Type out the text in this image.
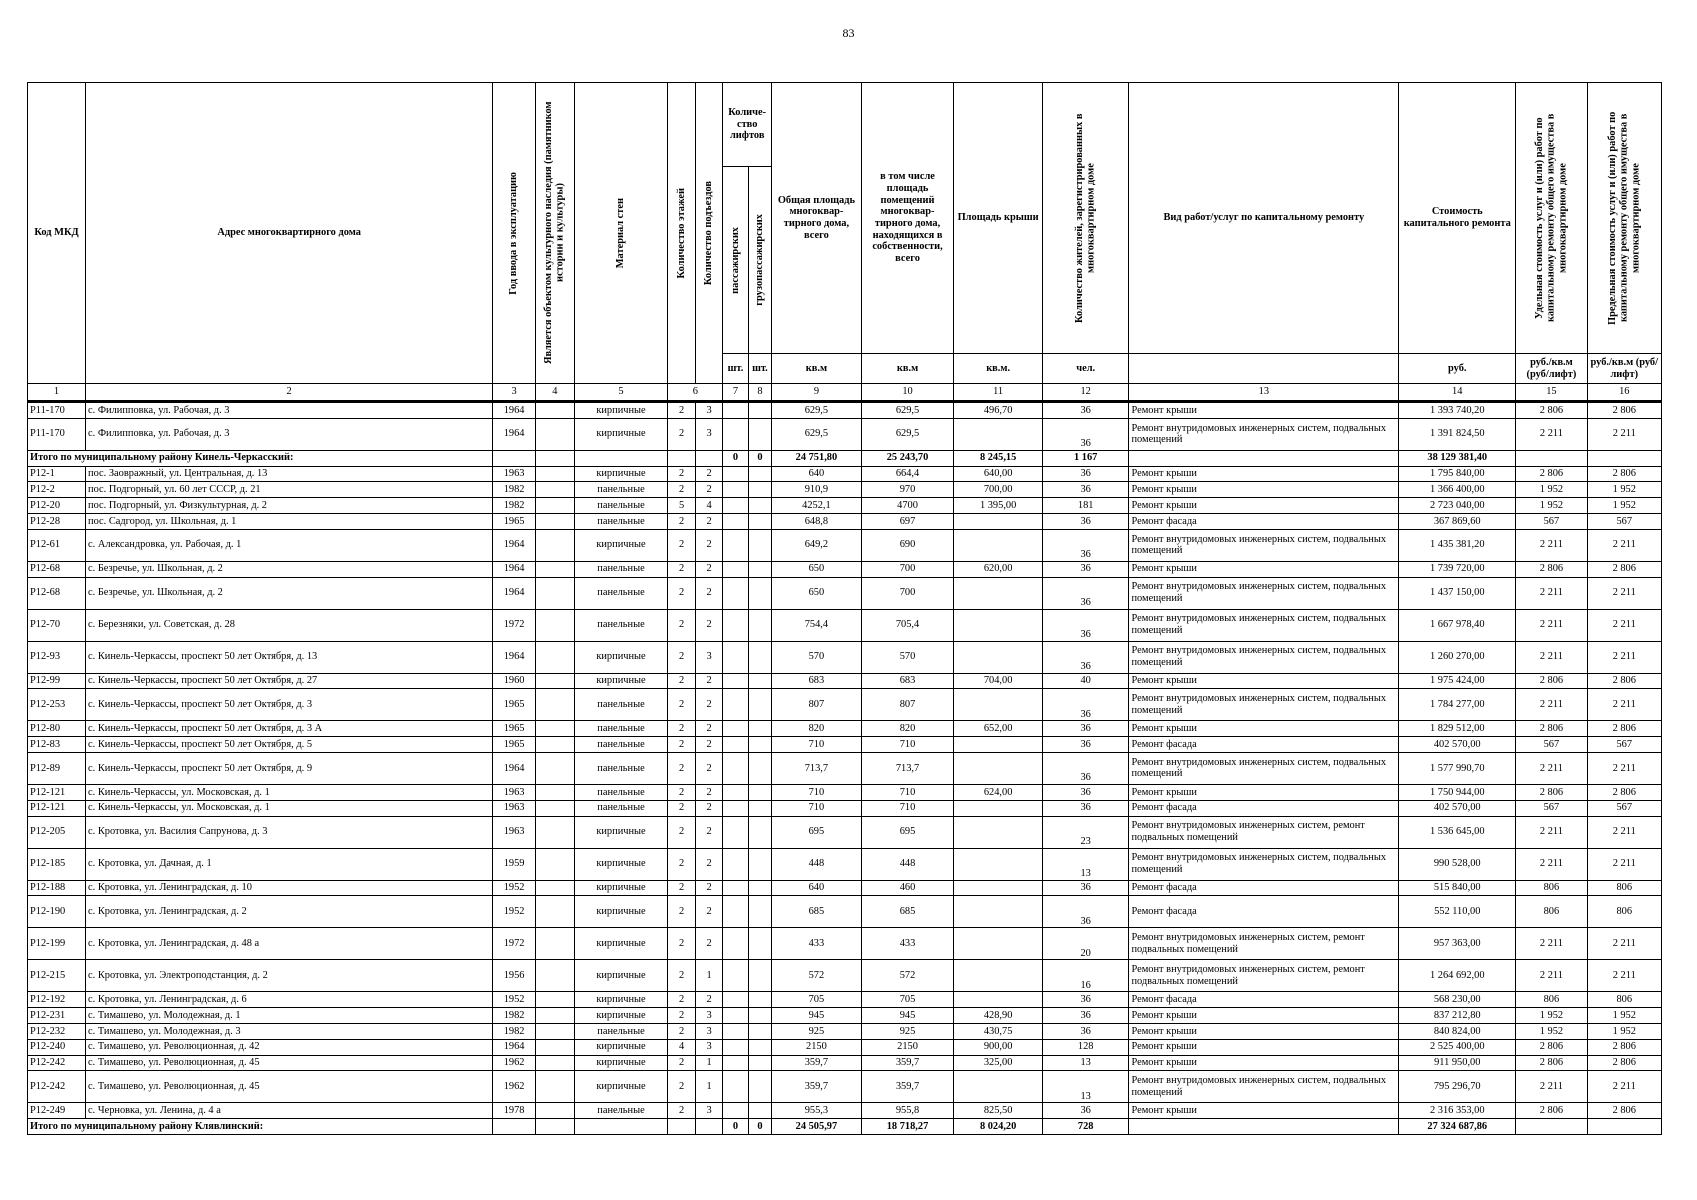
83
Код МКД	Адрес многоквартирного дома	Год ввода в эксплуатацию	Является объектом культурного наследия (памятником истории и культуры)	Материал стен	Количество этажей	Количество подъездов	Количе-ство лифтов		Общая площадь многоквар-тирного дома, всего	в том числе площадь помещений многоквар-тирного дома, находящихся в собственности, всего	Площадь крыши	Количество жителей, зарегистрированных в многоквартирном доме	Вид работ/услуг по капитальному ремонту	Стоимость капитального ремонта	Удельная стоимость услуг и (или) работ по капитальному ремонту общего имущества в многоквартирном доме	Предельная стоимость услуг и (или) работ по капитальному ремонту общего имущества в многоквартирном доме

							пассажирских	грузопассажирских								

							шт.	шт.	кв.м	кв.м	кв.м.	чел.		руб.	руб./кв.м (руб/лифт)	руб./кв.м (руб/лифт)
1	2	3	4	5	6		7	8	9	10	11	12	13	14	15	16
Р11-170	с. Филипповка, ул. Рабочая, д. 3	1964		кирпичные	2	3			629,5	629,5	496,70	36	Ремонт крыши	1 393 740,20	2 806	2 806
Р11-170	с. Филипповка, ул. Рабочая, д. 3	1964		кирпичные	2	3			629,5	629,5		36	Ремонт внутридомовых инженерных систем, подвальных помещений	1 391 824,50	2 211	2 211
Итого по муниципальному району Кинель-Черкасский:							0	0	24 751,80	25 243,70	8 245,15	1 167		38 129 381,40		
Р12-1	пос. Заовражный, ул. Центральная, д. 13	1963		кирпичные	2	2			640	664,4	640,00	36	Ремонт крыши	1 795 840,00	2 806	2 806
Р12-2	пос. Подгорный, ул. 60 лет СССР, д. 21	1982		панельные	2	2			910,9	970	700,00	36	Ремонт крыши	1 366 400,00	1 952	1 952
Р12-20	пос. Подгорный, ул. Физкультурная, д. 2	1982		панельные	5	4			4252,1	4700	1 395,00	181	Ремонт крыши	2 723 040,00	1 952	1 952
Р12-28	пос. Садгород, ул. Школьная, д. 1	1965		панельные	2	2			648,8	697		36	Ремонт фасада	367 869,60	567	567
Р12-61	с. Александровка, ул. Рабочая, д. 1	1964		кирпичные	2	2			649,2	690		36	Ремонт внутридомовых инженерных систем, подвальных помещений	1 435 381,20	2 211	2 211
Р12-68	с. Безречье, ул. Школьная, д. 2	1964		панельные	2	2			650	700	620,00	36	Ремонт крыши	1 739 720,00	2 806	2 806
Р12-68	с. Безречье, ул. Школьная, д. 2	1964		панельные	2	2			650	700		36	Ремонт внутридомовых инженерных систем, подвальных помещений	1 437 150,00	2 211	2 211
Р12-70	с. Березняки, ул. Советская, д. 28	1972		панельные	2	2			754,4	705,4		36	Ремонт внутридомовых инженерных систем, подвальных помещений	1 667 978,40	2 211	2 211
Р12-93	с. Кинель-Черкассы, проспект 50 лет Октября, д. 13	1964		кирпичные	2	3			570	570		36	Ремонт внутридомовых инженерных систем, подвальных помещений	1 260 270,00	2 211	2 211
Р12-99	с. Кинель-Черкассы, проспект 50 лет Октября, д. 27	1960		кирпичные	2	2			683	683	704,00	40	Ремонт крыши	1 975 424,00	2 806	2 806
Р12-253	с. Кинель-Черкассы, проспект 50 лет Октября, д. 3	1965		панельные	2	2			807	807		36	Ремонт внутридомовых инженерных систем, подвальных помещений	1 784 277,00	2 211	2 211
Р12-80	с. Кинель-Черкассы, проспект 50 лет Октября, д. 3 А	1965		панельные	2	2			820	820	652,00	36	Ремонт крыши	1 829 512,00	2 806	2 806
Р12-83	с. Кинель-Черкассы, проспект 50 лет Октября, д. 5	1965		панельные	2	2			710	710		36	Ремонт фасада	402 570,00	567	567
Р12-89	с. Кинель-Черкассы, проспект 50 лет Октября, д. 9	1964		панельные	2	2			713,7	713,7		36	Ремонт внутридомовых инженерных систем, подвальных помещений	1 577 990,70	2 211	2 211
Р12-121	с. Кинель-Черкассы, ул. Московская, д. 1	1963		панельные	2	2			710	710	624,00	36	Ремонт крыши	1 750 944,00	2 806	2 806
Р12-121	с. Кинель-Черкассы, ул. Московская, д. 1	1963		панельные	2	2			710	710		36	Ремонт фасада	402 570,00	567	567
Р12-205	с. Кротовка, ул. Василия Сапрунова, д. 3	1963		кирпичные	2	2			695	695		23	Ремонт внутридомовых инженерных систем, ремонт подвальных помещений	1 536 645,00	2 211	2 211
Р12-185	с. Кротовка, ул. Дачная, д. 1	1959		кирпичные	2	2			448	448		13	Ремонт внутридомовых инженерных систем, подвальных помещений	990 528,00	2 211	2 211
Р12-188	с. Кротовка, ул. Ленинградская, д. 10	1952		кирпичные	2	2			640	460		36	Ремонт фасада	515 840,00	806	806
Р12-190	с. Кротовка, ул. Ленинградская, д. 2	1952		кирпичные	2	2			685	685		36	Ремонт фасада	552 110,00	806	806
Р12-199	с. Кротовка, ул. Ленинградская, д. 48 а	1972		кирпичные	2	2			433	433		20	Ремонт внутридомовых инженерных систем, ремонт подвальных помещений	957 363,00	2 211	2 211
Р12-215	с. Кротовка, ул. Электроподстанция, д. 2	1956		кирпичные	2	1			572	572		16	Ремонт внутридомовых инженерных систем, ремонт подвальных помещений	1 264 692,00	2 211	2 211
Р12-192	с. Кротовка, ул. Ленинградская, д. 6	1952		кирпичные	2	2			705	705		36	Ремонт фасада	568 230,00	806	806
Р12-231	с. Тимашево, ул. Молодежная, д. 1	1982		кирпичные	2	3			945	945	428,90	36	Ремонт крыши	837 212,80	1 952	1 952
Р12-232	с. Тимашево, ул. Молодежная, д. 3	1982		панельные	2	3			925	925	430,75	36	Ремонт крыши	840 824,00	1 952	1 952
Р12-240	с. Тимашево, ул. Революционная, д. 42	1964		кирпичные	4	3			2150	2150	900,00	128	Ремонт крыши	2 525 400,00	2 806	2 806
Р12-242	с. Тимашево, ул. Революционная, д. 45	1962		кирпичные	2	1			359,7	359,7	325,00	13	Ремонт крыши	911 950,00	2 806	2 806
Р12-242	с. Тимашево, ул. Революционная, д. 45	1962		кирпичные	2	1			359,7	359,7		13	Ремонт внутридомовых инженерных систем, подвальных помещений	795 296,70	2 211	2 211
Р12-249	с. Черновка, ул. Ленина, д. 4 а	1978		панельные	2	3			955,3	955,8	825,50	36	Ремонт крыши	2 316 353,00	2 806	2 806
Итого по муниципальному району Клявлинский:							0	0	24 505,97	18 718,27	8 024,20	728		27 324 687,86		
